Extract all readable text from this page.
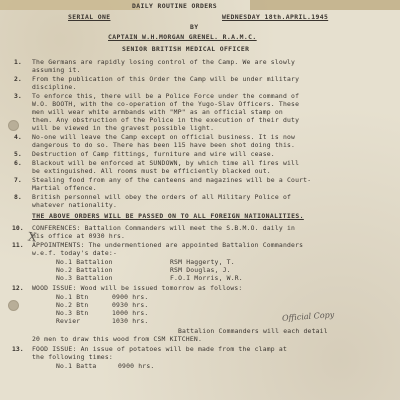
DAILY ROUTINE ORDERS
SERIAL ONE	WEDNESDAY 18th.APRIL.1945
BY
CAPTAIN W.H.MORGAN GRENEL. R.A.M.C.
SENIOR BRITISH MEDICAL OFFICER
1. The Germans are rapidly losing control of the Camp. We are slowly
assuming it.
2. From the publication of this Order the Camp will be under military
discipline.
3. To enforce this, there will be a Police Force under the command of
W.O. BOOTH, with the co-operation of the Yugo-Slav Officers. These
men will wear white armbands with "MP" as an official stamp on
them. Any obstruction of the Police in the execution of their duty
will be viewed in the gravest possible light.
4. No-one will leave the Camp except on official business. It is now
dangerous to do so. There has been 115 have been shot doing this.
5. Destruction of Camp fittings, furniture and wire will cease.
6. Blackout will be enforced at SUNDOWN, by which time all fires will
be extinguished. All rooms must be efficiently blacked out.
7. Stealing food from any of the canteens and magazines will be a Court-
Martial offence.
8. British personnel will obey the orders of all Military Police of
whatever nationality.
THE ABOVE ORDERS WILL BE PASSED ON TO ALL FOREIGN NATIONALITIES.
10. CONFERENCES: Battalion Commanders will meet the S.B.M.O. daily in
his office at 0930 hrs.
11. APPOINTMENTS: The undermentioned are appointed Battalion Commanders
w.e.f. today's date:-
No.1 Battalion	RSM Haggerty, T.
No.2 Battalion	RSM Douglas, J.
No.3 Battalion	F.O.I Morris, W.R.
12. WOOD ISSUE: Wood will be issued tomorrow as follows:
No.1 Btn	0900 hrs.
No.2 Btn	0930 hrs.
No.3 Btn	1000 hrs.
Revier	1030 hrs.
Battalion Commanders will each detail
20 men to draw this wood from CSM KITCHEN.
13. FOOD ISSUE: An issue of potatoes will be made from the clamp at
the following times:
No.1 Batta	0900 hrs.
Official Copy
X
